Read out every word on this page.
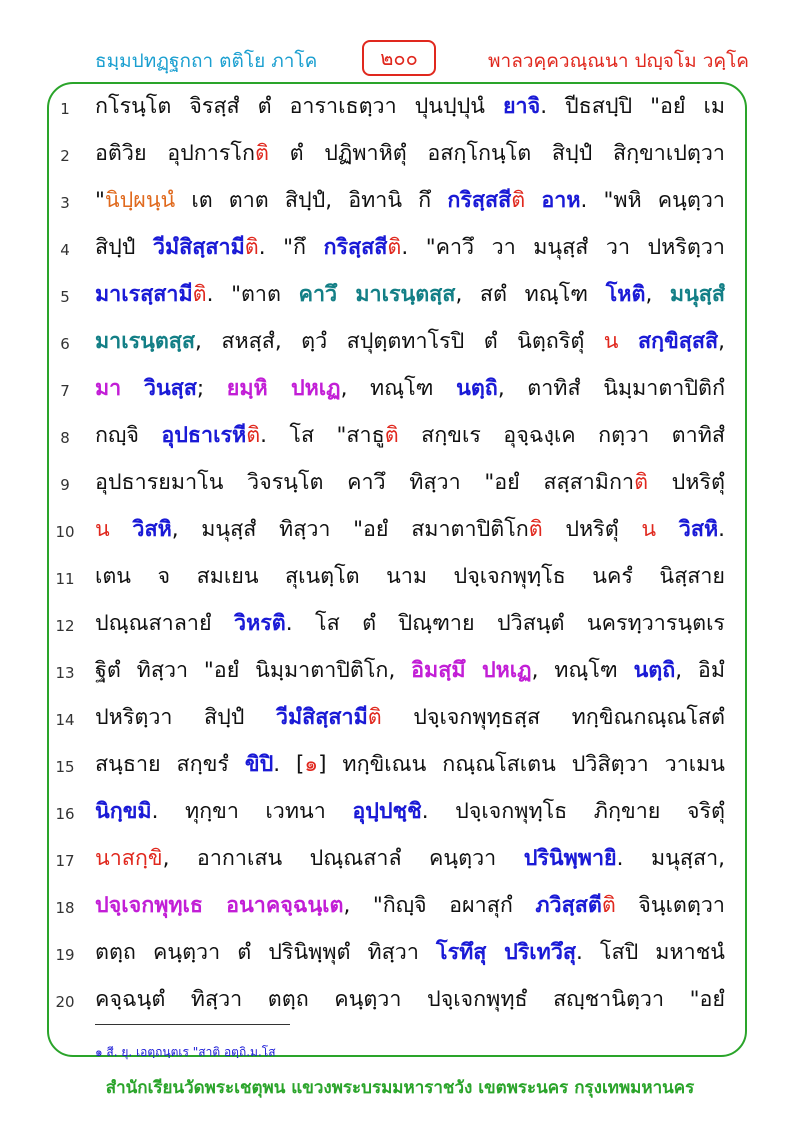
ธมฺมปทฏฺฐกถา ตติโย ภาโค	๒๐๐	พาลวคฺควณฺณนา ปญฺจโม วคฺโค
1	กโรนฺโต จิรสฺสํ ตํ อาราเธตฺวา ปุนปฺปุนํ ยาจิ. ปีธสปฺปิ "อยํ เม
2	อติวิย อุปการโกติ ตํ ปฏิพาหิตุํ อสกฺโกนฺโต สิปฺปํ สิกฺขาเปตฺวา
3	"นิปฺผนฺนํ เต ตาต สิปฺปํ, อิทานิ กึ กริสฺสสีติ อาห. "พหิ คนฺตฺวา
4	สิปฺปํ วีมํสิสฺสามีติ. "กึ กริสฺสสีติ. "คาวึ วา มนุสฺสํ วา ปหริตฺวา
5	มาเรสฺสามีติ. "ตาต คาวึ มาเรนฺตสฺส, สตํ ทณฺโฑ โหติ, มนุสฺสํ
6	มาเรนฺตสฺส, สหสฺสํ, ตฺวํ สปุตฺตทาโรปิ ตํ นิตฺถริตุํ น สกฺขิสฺสสิ,
7	มา วินสฺส; ยมฺหิ ปหเฏ, ทณฺโฑ นตฺถิ, ตาทิสํ นิมฺมาตาปิติกํ
8	กญฺจิ อุปธาเรหีติ. โส "สาธูติ สกฺขเร อุจฺฉงฺเค กตฺวา ตาทิสํ
9	อุปธารยมาโน วิจรนฺโต คาวึ ทิสฺวา "อยํ สสฺสามิกาติ ปหริตุํ
10 น วิสหิ, มนุสฺสํ ทิสฺวา "อยํ สมาตาปิติโกติ ปหริตุํ น วิสหิ.
11 เตน จ สมเยน สุเนตฺโต นาม ปจฺเจกพุทฺโธ นครํ นิสฺสาย
12 ปณฺณสาลายํ วิหรติ. โส ตํ ปิณฺฑาย ปวิสนฺตํ นครทฺวารนฺตเร
13 ฐิตํ ทิสฺวา "อยํ นิมฺมาตาปิติโก, อิมสฺมึ ปหเฏ, ทณฺโฑ นตฺถิ, อิมํ
14 ปหริตฺวา สิปฺปํ วีมํสิสฺสามีติ ปจฺเจกพุทฺธสฺส ทกฺขิณกณฺณโสตํ
15 สนฺธาย สกฺขรํ ขิปิ. [๑] ทกฺขิเณน กณฺณโสเตน ปวิสิตฺวา วาเมน
16 นิกฺขมิ. ทุกฺขา เวทนา อุปฺปชฺชิ. ปจฺเจกพุทฺโธ ภิกฺขาย จริตุํ
17 นาสกฺขิ, อากาเสน ปณฺณสาลํ คนฺตฺวา ปรินิพฺพายิ. มนุสฺสา,
18 ปจฺเจกพุทฺเธ อนาคจฺฉนฺเต, "กิญฺจิ อผาสุกํ ภวิสฺสตีติ จินฺเตตฺวา
19 ตตฺถ คนฺตฺวา ตํ ปรินิพฺพุตํ ทิสฺวา โรทึสุ ปริเทวึสุ. โสปิ มหาชนํ
20 คจฺฉนฺตํ ทิสฺวา ตตฺถ คนฺตฺวา ปจฺเจกพุทฺธํ สญฺชานิตฺวา "อยํ
๑ สี. ยุ. เอตฺถนฺตเร "สาติ อตฺถิ.ม.โส
สำนักเรียนวัดพระเชตุพน แขวงพระบรมมหาราชวัง เขตพระนคร กรุงเทพมหานคร
